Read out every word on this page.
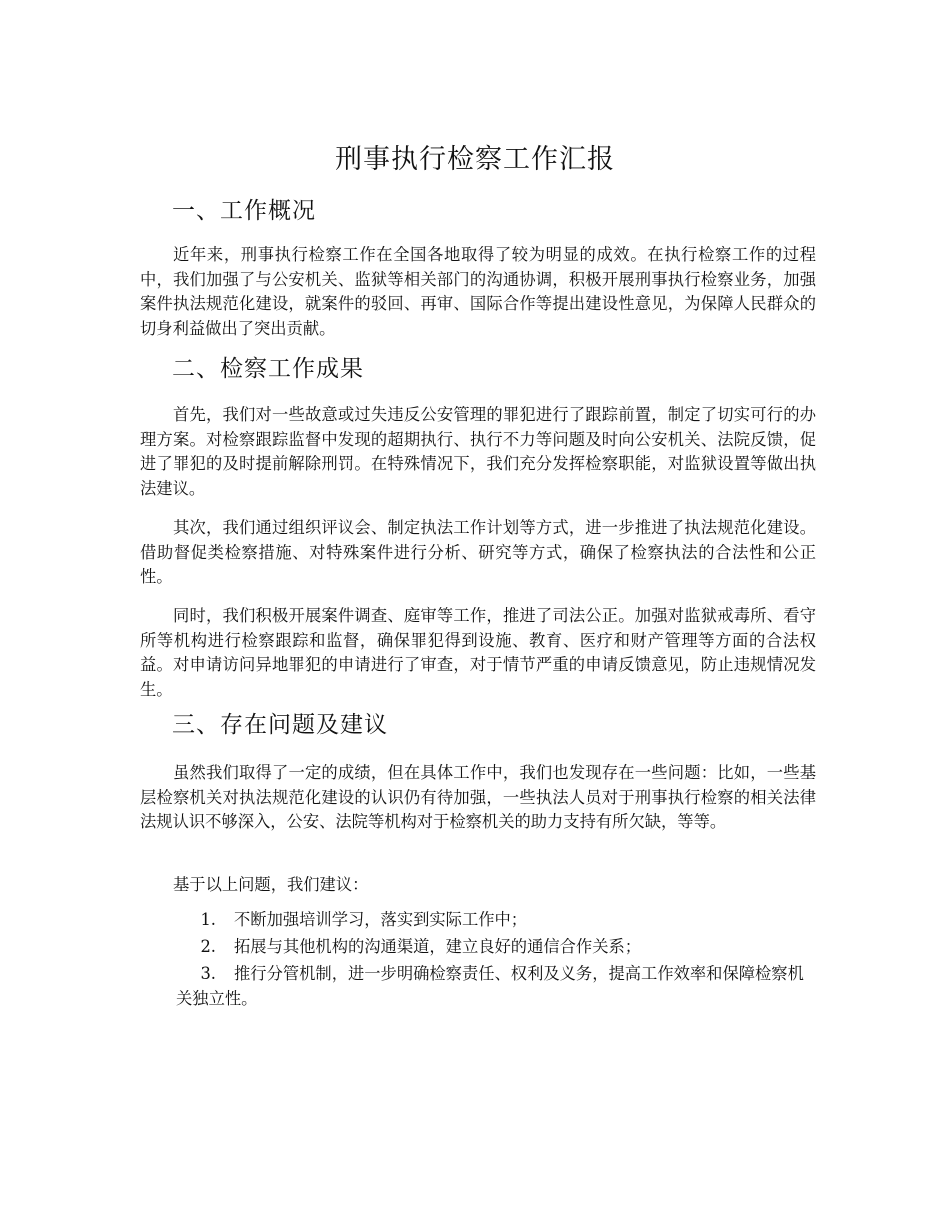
刑事执行检察工作汇报
一、工作概况

近年来，刑事执行检察工作在全国各地取得了较为明显的成效。在执行检察工作的过程中，我们加强了与公安机关、监狱等相关部门的沟通协调，积极开展刑事执行检察业务，加强案件执法规范化建设，就案件的驳回、再审、国际合作等提出建设性意见，为保障人民群众的切身利益做出了突出贡献。

二、检察工作成果

首先，我们对一些故意或过失违反公安管理的罪犯进行了跟踪前置，制定了切实可行的办理方案。对检察跟踪监督中发现的超期执行、执行不力等问题及时向公安机关、法院反馈，促进了罪犯的及时提前解除刑罚。在特殊情况下，我们充分发挥检察职能，对监狱设置等做出执法建议。

其次，我们通过组织评议会、制定执法工作计划等方式，进一步推进了执法规范化建设。借助督促类检察措施、对特殊案件进行分析、研究等方式，确保了检察执法的合法性和公正性。

同时，我们积极开展案件调查、庭审等工作，推进了司法公正。加强对监狱戒毒所、看守所等机构进行检察跟踪和监督，确保罪犯得到设施、教育、医疗和财产管理等方面的合法权益。对申请访问异地罪犯的申请进行了审查，对于情节严重的申请反馈意见，防止违规情况发生。

三、存在问题及建议

虽然我们取得了一定的成绩，但在具体工作中，我们也发现存在一些问题：比如，一些基层检察机关对执法规范化建设的认识仍有待加强，一些执法人员对于刑事执行检察的相关法律法规认识不够深入，公安、法院等机构对于检察机关的助力支持有所欠缺，等等。

基于以上问题，我们建议：

1. 不断加强培训学习，落实到实际工作中；
2. 拓展与其他机构的沟通渠道，建立良好的通信合作关系；
3. 推行分管机制，进一步明确检察责任、权利及义务，提高工作效率和保障检察机关独立性。
